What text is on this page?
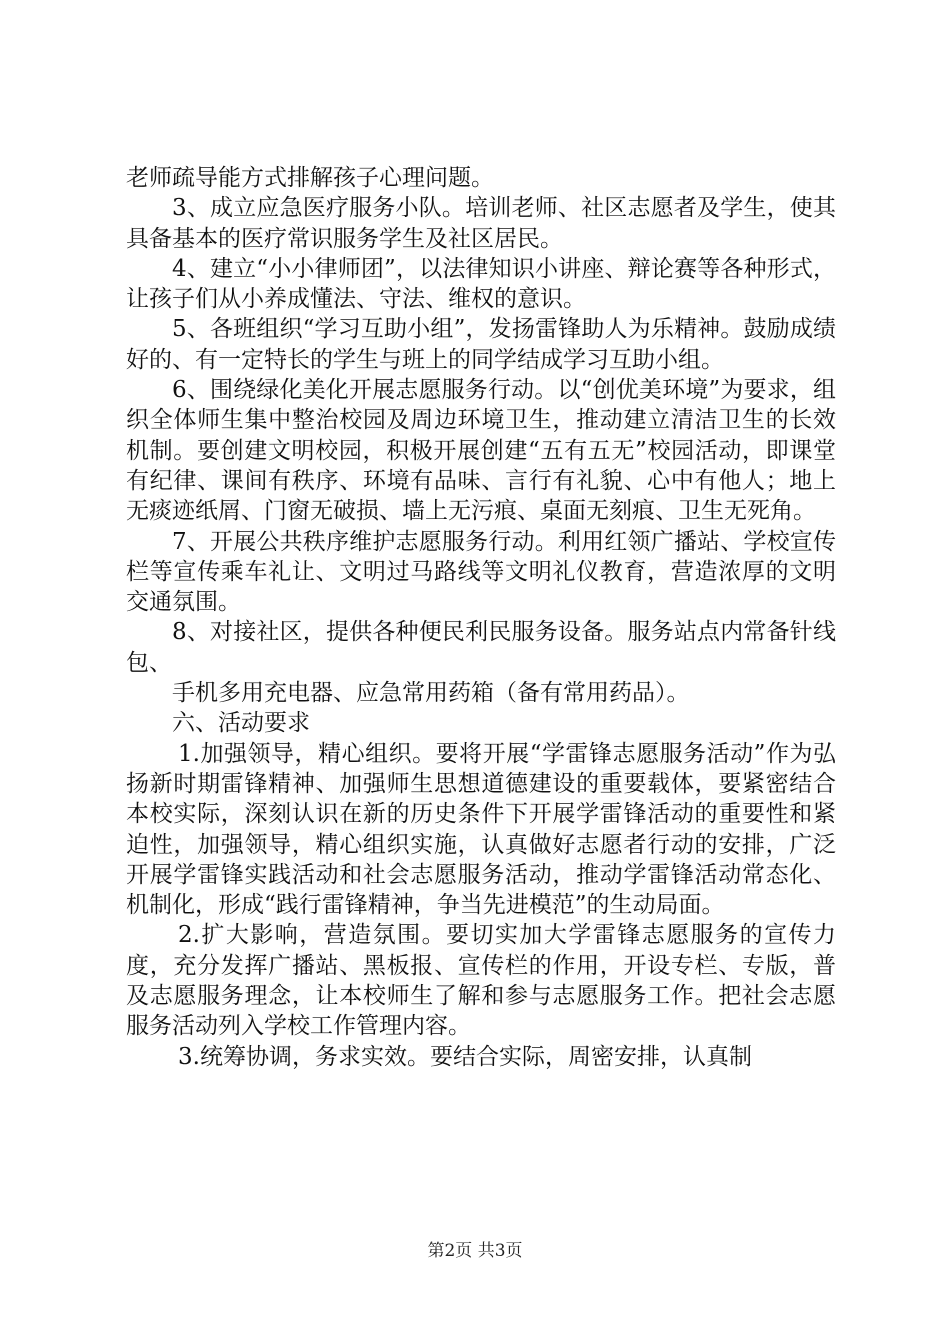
老师疏导能方式排解孩子心理问题。

3、成立应急医疗服务小队。培训老师、社区志愿者及学生，使其具备基本的医疗常识服务学生及社区居民。

4、建立“小小律师团”，以法律知识小讲座、辩论赛等各种形式，让孩子们从小养成懂法、守法、维权的意识。

5、各班组织“学习互助小组”，发扬雷锋助人为乐精神。鼓励成绩好的、有一定特长的学生与班上的同学结成学习互助小组。

6、围绕绿化美化开展志愿服务行动。以“创优美环境”为要求，组织全体师生集中整治校园及周边环境卫生，推动建立清洁卫生的长效机制。要创建文明校园，积极开展创建“五有五无”校园活动，即课堂有纪律、课间有秩序、环境有品味、言行有礼貌、心中有他人；地上无痰迹纸屑、门窗无破损、墙上无污痕、桌面无刻痕、卫生无死角。

7、开展公共秩序维护志愿服务行动。利用红领广播站、学校宣传栏等宣传乘车礼让、文明过马路线等文明礼仪教育，营造浓厚的文明交通氛围。

8、对接社区，提供各种便民利民服务设备。服务站点内常备针线包、

手机多用充电器、应急常用药箱（备有常用药品）。

六、活动要求

1.加强领导，精心组织。要将开展“学雷锋志愿服务活动”作为弘扬新时期雷锋精神、加强师生思想道德建设的重要载体，要紧密结合本校实际，深刻认识在新的历史条件下开展学雷锋活动的重要性和紧迫性，加强领导，精心组织实施，认真做好志愿者行动的安排，广泛开展学雷锋实践活动和社会志愿服务活动，推动学雷锋活动常态化、机制化，形成“践行雷锋精神，争当先进模范”的生动局面。

2.扩大影响，营造氛围。要切实加大学雷锋志愿服务的宣传力度，充分发挥广播站、黑板报、宣传栏的作用，开设专栏、专版，普及志愿服务理念，让本校师生了解和参与志愿服务工作。把社会志愿服务活动列入学校工作管理内容。

3.统筹协调，务求实效。要结合实际，周密安排，认真制

第2页 共3页
